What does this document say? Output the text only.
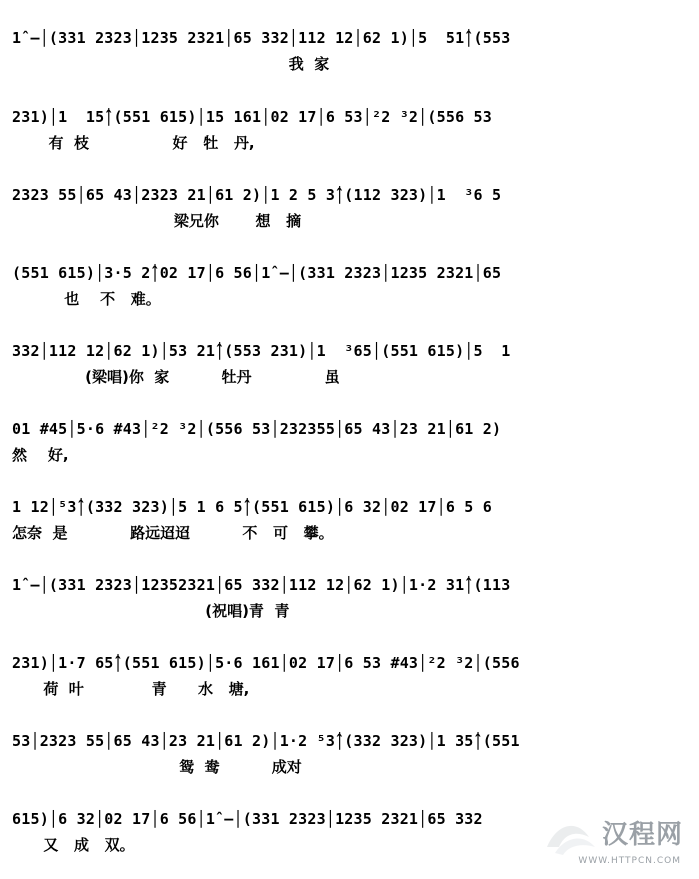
1̂ –│(331 2323│1235 2321│65 332│112 12│62 1)│5  51̂│(553
我  家
231)│1  15̂│(551 615)│15 161│02 17│6 53│²2 ³2│(556 53
有  枝                好   牡   丹,
2323 55│65 43│2323 21│61 2)│1 2 5 3̂│(112 323)│1  ³6 5
梁兄你       想   摘
(551 615)│3·5 2̂│02 17│6 56│1̂ –│(331 2323│1235 2321│65
也    不   难。
332│112 12│62 1)│53 21̂│(553 231)│1  ³65│(551 615)│5  1
(梁唱)你  家          牡丹              虽
01 #45│5·6 #43│²2 ³2│(556 53│232355│65 43│23 21│61 2)
然    好,
1 12│⁵3̂│(332 323)│5 1 6 5̂│(551 615)│6 32│02 17│6 5 6
怎奈  是            路远迢迢          不   可   攀。
1̂ –│(331 2323│12352321│65 332│112 12│62 1)│1·2 31̂│(113
(祝唱)青  青
231)│1·7 65̂│(551 615)│5·6 161│02 17│6 53 #43│²2 ³2│(556
荷  叶             青      水   塘,
53│2323 55│65 43│23 21│61 2)│1·2 ⁵3̂│(332 323)│1 35̂│(551
鸳  鸯          成对
615)│6 32│02 17│6 56│1̂ –│(331 2323│1235 2321│65 332
又   成   双。	汉程网
WWW.HTTPCN.COM
